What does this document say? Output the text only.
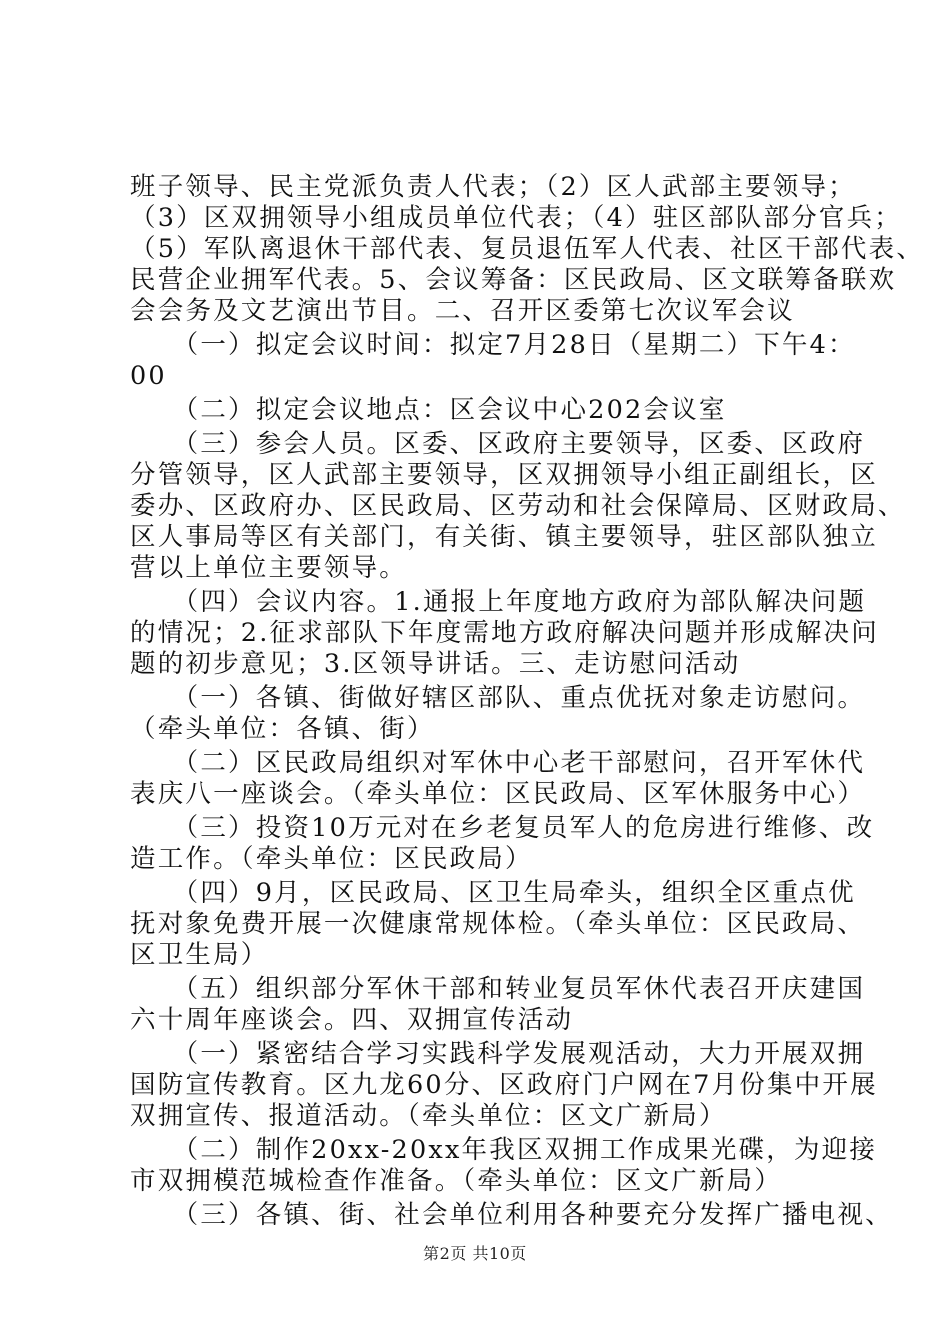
班子领导、民主党派负责人代表；（2）区人武部主要领导；
（3）区双拥领导小组成员单位代表；（4）驻区部队部分官兵；
（5）军队离退休干部代表、复员退伍军人代表、社区干部代表、
民营企业拥军代表。5、会议筹备：区民政局、区文联筹备联欢
会会务及文艺演出节目。二、召开区委第七次议军会议
　　（一）拟定会议时间：拟定7月28日（星期二）下午4：
00
　　（二）拟定会议地点：区会议中心202会议室
　　（三）参会人员。区委、区政府主要领导，区委、区政府
分管领导，区人武部主要领导，区双拥领导小组正副组长，区
委办、区政府办、区民政局、区劳动和社会保障局、区财政局、
区人事局等区有关部门，有关街、镇主要领导，驻区部队独立
营以上单位主要领导。
　　（四）会议内容。1.通报上年度地方政府为部队解决问题
的情况；2.征求部队下年度需地方政府解决问题并形成解决问
题的初步意见；3.区领导讲话。三、走访慰问活动
　　（一）各镇、街做好辖区部队、重点优抚对象走访慰问。
（牵头单位：各镇、街）
　　（二）区民政局组织对军休中心老干部慰问，召开军休代
表庆八一座谈会。（牵头单位：区民政局、区军休服务中心）
　　（三）投资10万元对在乡老复员军人的危房进行维修、改
造工作。（牵头单位：区民政局）
　　（四）9月，区民政局、区卫生局牵头，组织全区重点优
抚对象免费开展一次健康常规体检。（牵头单位：区民政局、
区卫生局）
　　（五）组织部分军休干部和转业复员军休代表召开庆建国
六十周年座谈会。四、双拥宣传活动
　　（一）紧密结合学习实践科学发展观活动，大力开展双拥
国防宣传教育。区九龙60分、区政府门户网在7月份集中开展
双拥宣传、报道活动。（牵头单位：区文广新局）
　　（二）制作20xx-20xx年我区双拥工作成果光碟，为迎接
市双拥模范城检查作准备。（牵头单位：区文广新局）
　　（三）各镇、街、社会单位利用各种要充分发挥广播电视、
第2页 共10页
